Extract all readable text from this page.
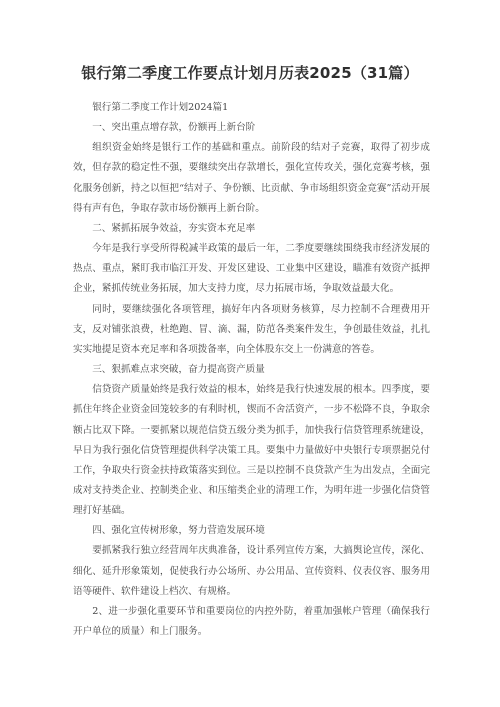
银行第二季度工作要点计划月历表2025（31篇）

银行第二季度工作计划2024篇1

一、突出重点增存款，份额再上新台阶

组织资金始终是银行工作的基础和重点。前阶段的结对子竞赛，取得了初步成效，但存款的稳定性不强，要继续突出存款增长，强化宣传攻关，强化竞赛考核，强化服务创新，持之以恒把“结对子、争份额、比贡献、争市场组织资金竞赛”活动开展得有声有色，争取存款市场份额再上新台阶。

二、紧抓拓展争效益，夯实资本充足率

今年是我行享受所得税减半政策的最后一年，二季度要继续围绕我市经济发展的热点、重点，紧盯我市临江开发、开发区建设、工业集中区建设，瞄准有效资产抵押企业，紧抓传统业务拓展，加大支持力度，尽力拓展市场，争取效益最大化。

同时，要继续强化各项管理，搞好年内各项财务核算，尽力控制不合理费用开支，反对铺张浪费，杜绝跑、冒、滴、漏，防范各类案件发生，争创最佳效益，扎扎实实地提足资本充足率和各项拨备率，向全体股东交上一份满意的答卷。

三、狠抓难点求突破，奋力提高资产质量

信贷资产质量始终是我行效益的根本，始终是我行快速发展的根本。四季度，要抓住年终企业资金回笼较多的有利时机，锲而不舍活资产，一步不松降不良，争取余额占比双下降。一要抓紧以规范信贷五级分类为抓手，加快我行信贷管理系统建设，早日为我行强化信贷管理提供科学决策工具。要集中力量做好中央银行专项票据兑付工作，争取央行资金扶持政策落实到位。三是以控制不良贷款产生为出发点，全面完成对支持类企业、控制类企业、和压缩类企业的清理工作，为明年进一步强化信贷管理打好基础。

四、强化宣传树形象，努力营造发展环境

要抓紧我行独立经营周年庆典准备，设计系列宣传方案，大搞舆论宣传，深化、细化、延升形象策划，促使我行办公场所、办公用品、宣传资料、仪表仪容、服务用语等硬件、软件建设上档次、有规格。

2、进一步强化重要环节和重要岗位的内控外防，着重加强帐户管理（确保我行开户单位的质量）和上门服务。
